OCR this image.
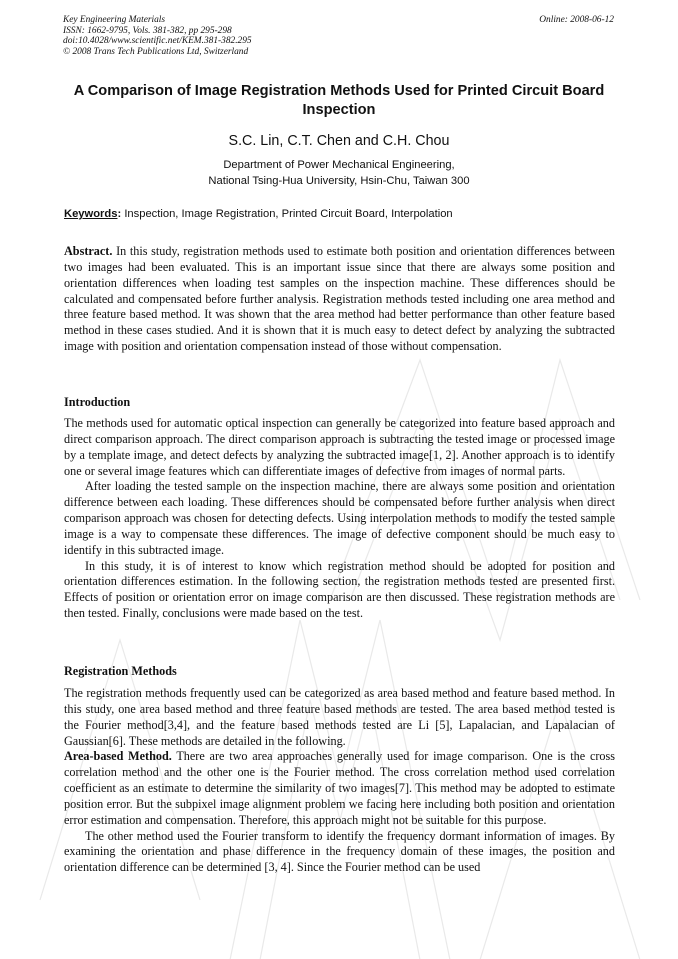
Key Engineering Materials
ISSN: 1662-9795, Vols. 381-382, pp 295-298
doi:10.4028/www.scientific.net/KEM.381-382.295
© 2008 Trans Tech Publications Ltd, Switzerland
Online: 2008-06-12
A Comparison of Image Registration Methods Used for Printed Circuit Board Inspection
S.C. Lin, C.T. Chen and C.H. Chou
Department of Power Mechanical Engineering,
National Tsing-Hua University, Hsin-Chu, Taiwan 300
Keywords: Inspection, Image Registration, Printed Circuit Board, Interpolation

Abstract. In this study, registration methods used to estimate both position and orientation differences between two images had been evaluated. This is an important issue since that there are always some position and orientation differences when loading test samples on the inspection machine. These differences should be calculated and compensated before further analysis. Registration methods tested including one area method and three feature based method. It was shown that the area method had better performance than other feature based method in these cases studied. And it is shown that it is much easy to detect defect by analyzing the subtracted image with position and orientation compensation instead of those without compensation.

Introduction

The methods used for automatic optical inspection can generally be categorized into feature based approach and direct comparison approach. The direct comparison approach is subtracting the tested image or processed image by a template image, and detect defects by analyzing the subtracted image[1, 2]. Another approach is to identify one or several image features which can differentiate images of defective from images of normal parts.

After loading the tested sample on the inspection machine, there are always some position and orientation difference between each loading. These differences should be compensated before further analysis when direct comparison approach was chosen for detecting defects. Using interpolation methods to modify the tested sample image is a way to compensate these differences. The image of defective component should be much easy to identify in this subtracted image.

In this study, it is of interest to know which registration method should be adopted for position and orientation differences estimation. In the following section, the registration methods tested are presented first. Effects of position or orientation error on image comparison are then discussed. These registration methods are then tested. Finally, conclusions were made based on the test.

Registration Methods

The registration methods frequently used can be categorized as area based method and feature based method. In this study, one area based method and three feature based methods are tested. The area based method tested is the Fourier method[3,4], and the feature based methods tested are Li [5], Lapalacian, and Lapalacian of Gaussian[6]. These methods are detailed in the following.

Area-based Method. There are two area approaches generally used for image comparison. One is the cross correlation method and the other one is the Fourier method. The cross correlation method used correlation coefficient as an estimate to determine the similarity of two images[7]. This method may be adopted to estimate position error. But the subpixel image alignment problem we facing here including both position and orientation error estimation and compensation. Therefore, this approach might not be suitable for this purpose.

The other method used the Fourier transform to identify the frequency dormant information of images. By examining the orientation and phase difference in the frequency domain of these images, the position and orientation difference can be determined [3, 4]. Since the Fourier method can be used
